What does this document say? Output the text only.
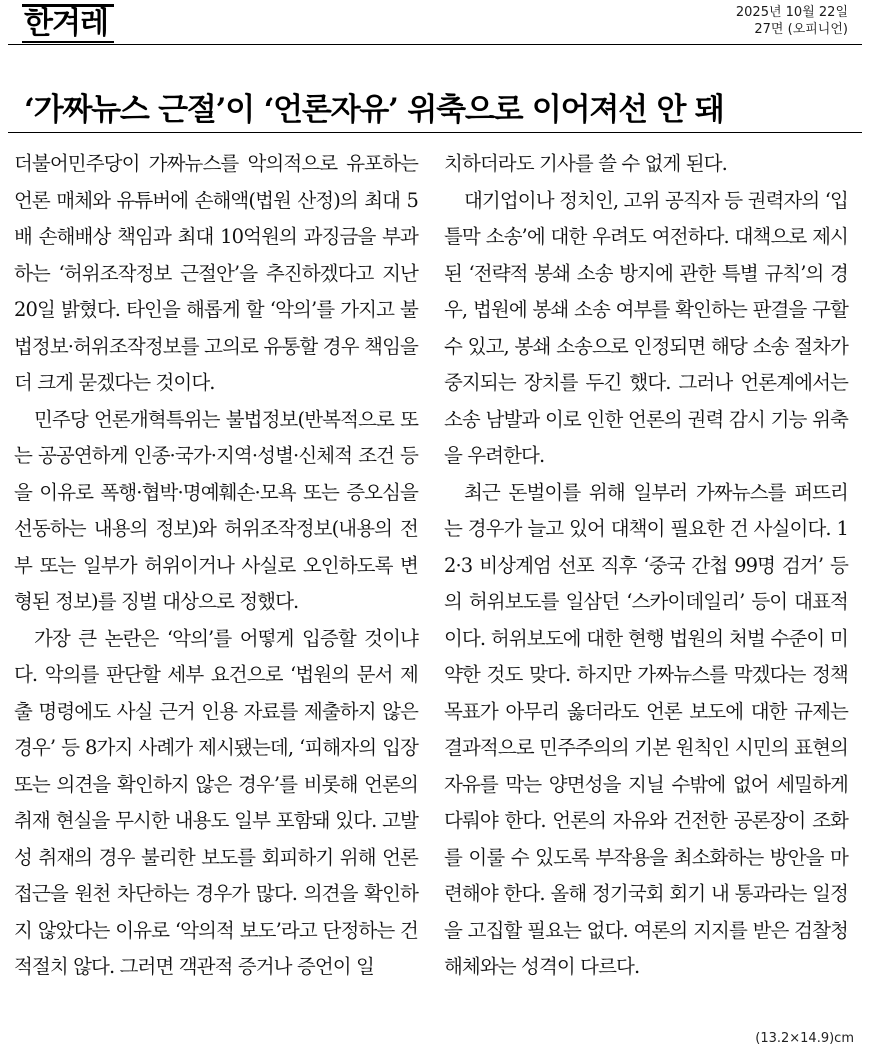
한겨레	2025년 10월 22일
27면 (오피니언)
‘가짜뉴스 근절’이 ‘언론자유’ 위축으로 이어져선 안 돼

더불어민주당이 가짜뉴스를 악의적으로 유포하는 언론 매체와 유튜버에 손해액(법원 산정)의 최대 5배 손해배상 책임과 최대 10억원의 과징금을 부과하는 ‘허위조작정보 근절안’을 추진하겠다고 지난 20일 밝혔다. 타인을 해롭게 할 ‘악의’를 가지고 불법정보·허위조작정보를 고의로 유통할 경우 책임을 더 크게 묻겠다는 것이다.

민주당 언론개혁특위는 불법정보(반복적으로 또는 공공연하게 인종·국가·지역·성별·신체적 조건 등을 이유로 폭행·협박·명예훼손·모욕 또는 증오심을 선동하는 내용의 정보)와 허위조작정보(내용의 전부 또는 일부가 허위이거나 사실로 오인하도록 변형된 정보)를 징벌 대상으로 정했다.

가장 큰 논란은 ‘악의’를 어떻게 입증할 것이냐다. 악의를 판단할 세부 요건으로 ‘법원의 문서 제출 명령에도 사실 근거 인용 자료를 제출하지 않은 경우’ 등 8가지 사례가 제시됐는데, ‘피해자의 입장 또는 의견을 확인하지 않은 경우’를 비롯해 언론의 취재 현실을 무시한 내용도 일부 포함돼 있다. 고발성 취재의 경우 불리한 보도를 회피하기 위해 언론 접근을 원천 차단하는 경우가 많다. 의견을 확인하지 않았다는 이유로 ‘악의적 보도’라고 단정하는 건 적절치 않다. 그러면 객관적 증거나 증언이 일

치하더라도 기사를 쓸 수 없게 된다.

대기업이나 정치인, 고위 공직자 등 권력자의 ‘입틀막 소송’에 대한 우려도 여전하다. 대책으로 제시된 ‘전략적 봉쇄 소송 방지에 관한 특별 규칙’의 경우, 법원에 봉쇄 소송 여부를 확인하는 판결을 구할 수 있고, 봉쇄 소송으로 인정되면 해당 소송 절차가 중지되는 장치를 두긴 했다. 그러나 언론계에서는 소송 남발과 이로 인한 언론의 권력 감시 기능 위축을 우려한다.

최근 돈벌이를 위해 일부러 가짜뉴스를 퍼뜨리는 경우가 늘고 있어 대책이 필요한 건 사실이다. 12·3 비상계엄 선포 직후 ‘중국 간첩 99명 검거’ 등의 허위보도를 일삼던 ‘스카이데일리’ 등이 대표적이다. 허위보도에 대한 현행 법원의 처벌 수준이 미약한 것도 맞다. 하지만 가짜뉴스를 막겠다는 정책 목표가 아무리 옳더라도 언론 보도에 대한 규제는 결과적으로 민주주의의 기본 원칙인 시민의 표현의 자유를 막는 양면성을 지닐 수밖에 없어 세밀하게 다뤄야 한다. 언론의 자유와 건전한 공론장이 조화를 이룰 수 있도록 부작용을 최소화하는 방안을 마련해야 한다. 올해 정기국회 회기 내 통과라는 일정을 고집할 필요는 없다. 여론의 지지를 받은 검찰청 해체와는 성격이 다르다.

(13.2×14.9)cm
